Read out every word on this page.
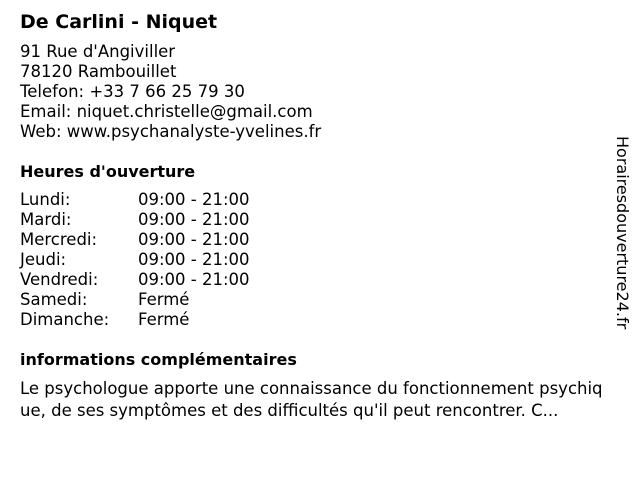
De Carlini - Niquet
91 Rue d'Angiviller
78120 Rambouillet
Telefon: +33 7 66 25 79 30
Email: niquet.christelle@gmail.com
Web: www.psychanalyste-yvelines.fr
Heures d'ouverture
Lundi:	09:00 - 21:00
Mardi:	09:00 - 21:00
Mercredi:	09:00 - 21:00
Jeudi:	09:00 - 21:00
Vendredi:	09:00 - 21:00
Samedi:	Fermé
Dimanche:	Fermé
informations complémentaires
Le psychologue apporte une connaissance du fonctionnement psychique, de ses symptômes et des difficultés qu'il peut rencontrer. C...
Horairesdouverture24.fr
